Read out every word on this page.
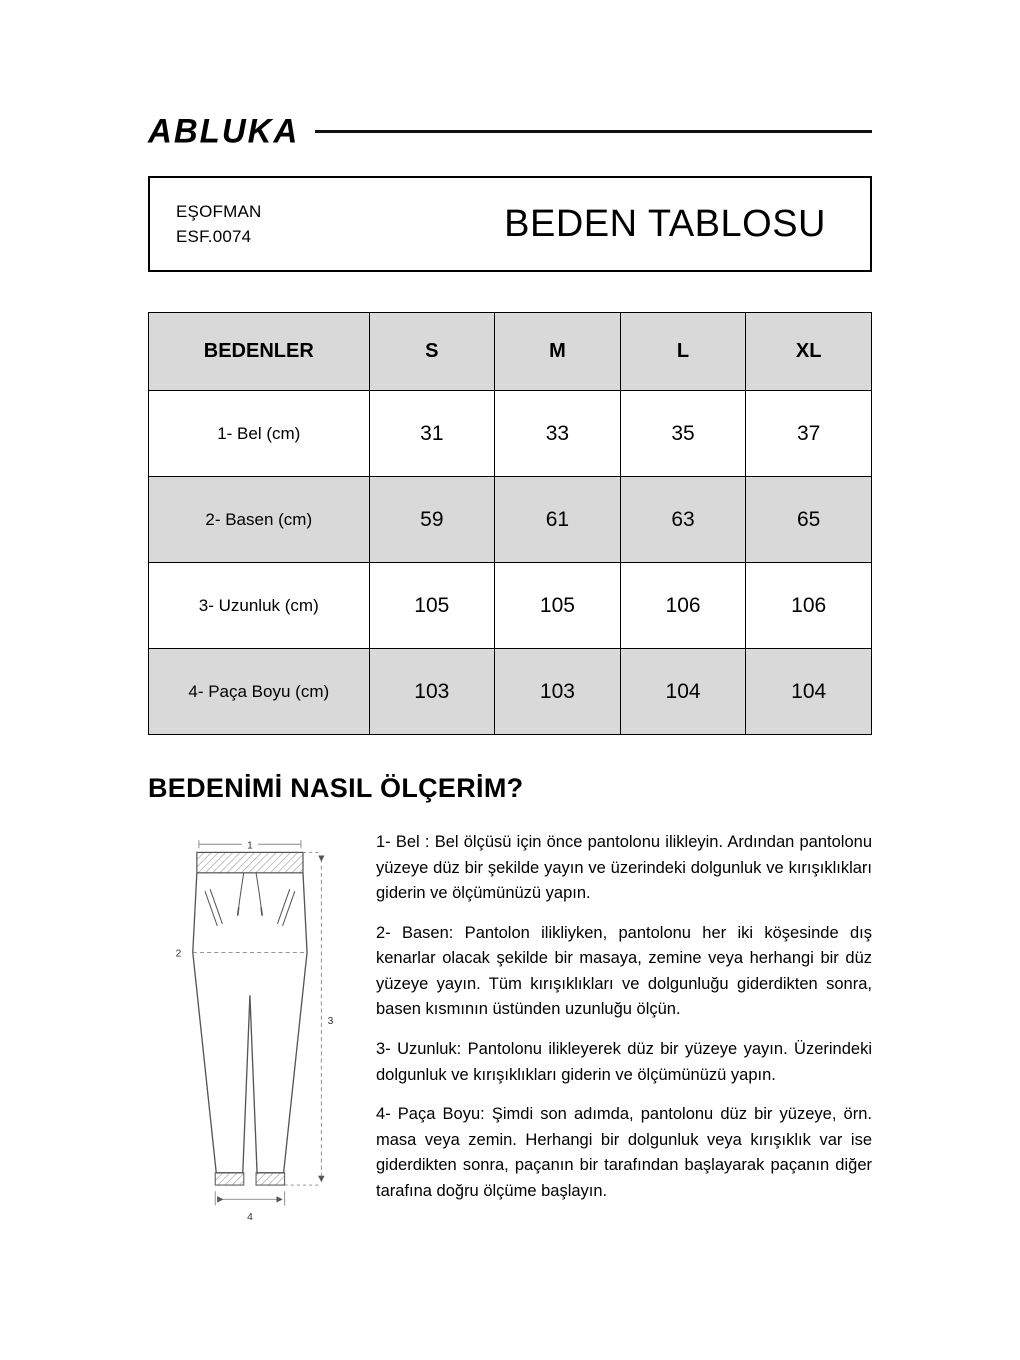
ABLUKA
EŞOFMAN
ESF.0074	BEDEN TABLOSU
BEDENLER	S	M	L	XL
1- Bel (cm)	31	33	35	37
2- Basen (cm)	59	61	63	65
3- Uzunluk (cm)	105	105	106	106
4- Paça Boyu (cm)	103	103	104	104
BEDENİMİ NASIL ÖLÇERİM?
1
2
3
4

1- Bel : Bel ölçüsü için önce pantolonu ilikleyin. Ardından pantolonu yüzeye düz bir şekilde yayın ve üzerindeki dolgunluk ve kırışıklıkları giderin ve ölçümünüzü yapın.

2- Basen: Pantolon ilikliyken, pantolonu her iki köşesinde dış kenarlar olacak şekilde bir masaya, zemine veya herhangi bir düz yüzeye yayın. Tüm kırışıklıkları ve dolgunluğu giderdikten sonra, basen kısmının üstünden uzunluğu ölçün.

3- Uzunluk: Pantolonu ilikleyerek düz bir yüzeye yayın. Üzerindeki dolgunluk ve kırışıklıkları giderin ve ölçümünüzü yapın.

4- Paça Boyu: Şimdi son adımda, pantolonu düz bir yüzeye, örn. masa veya zemin. Herhangi bir dolgunluk veya kırışıklık var ise giderdikten sonra, paçanın bir tarafından başlayarak paçanın diğer tarafına doğru ölçüme başlayın.
